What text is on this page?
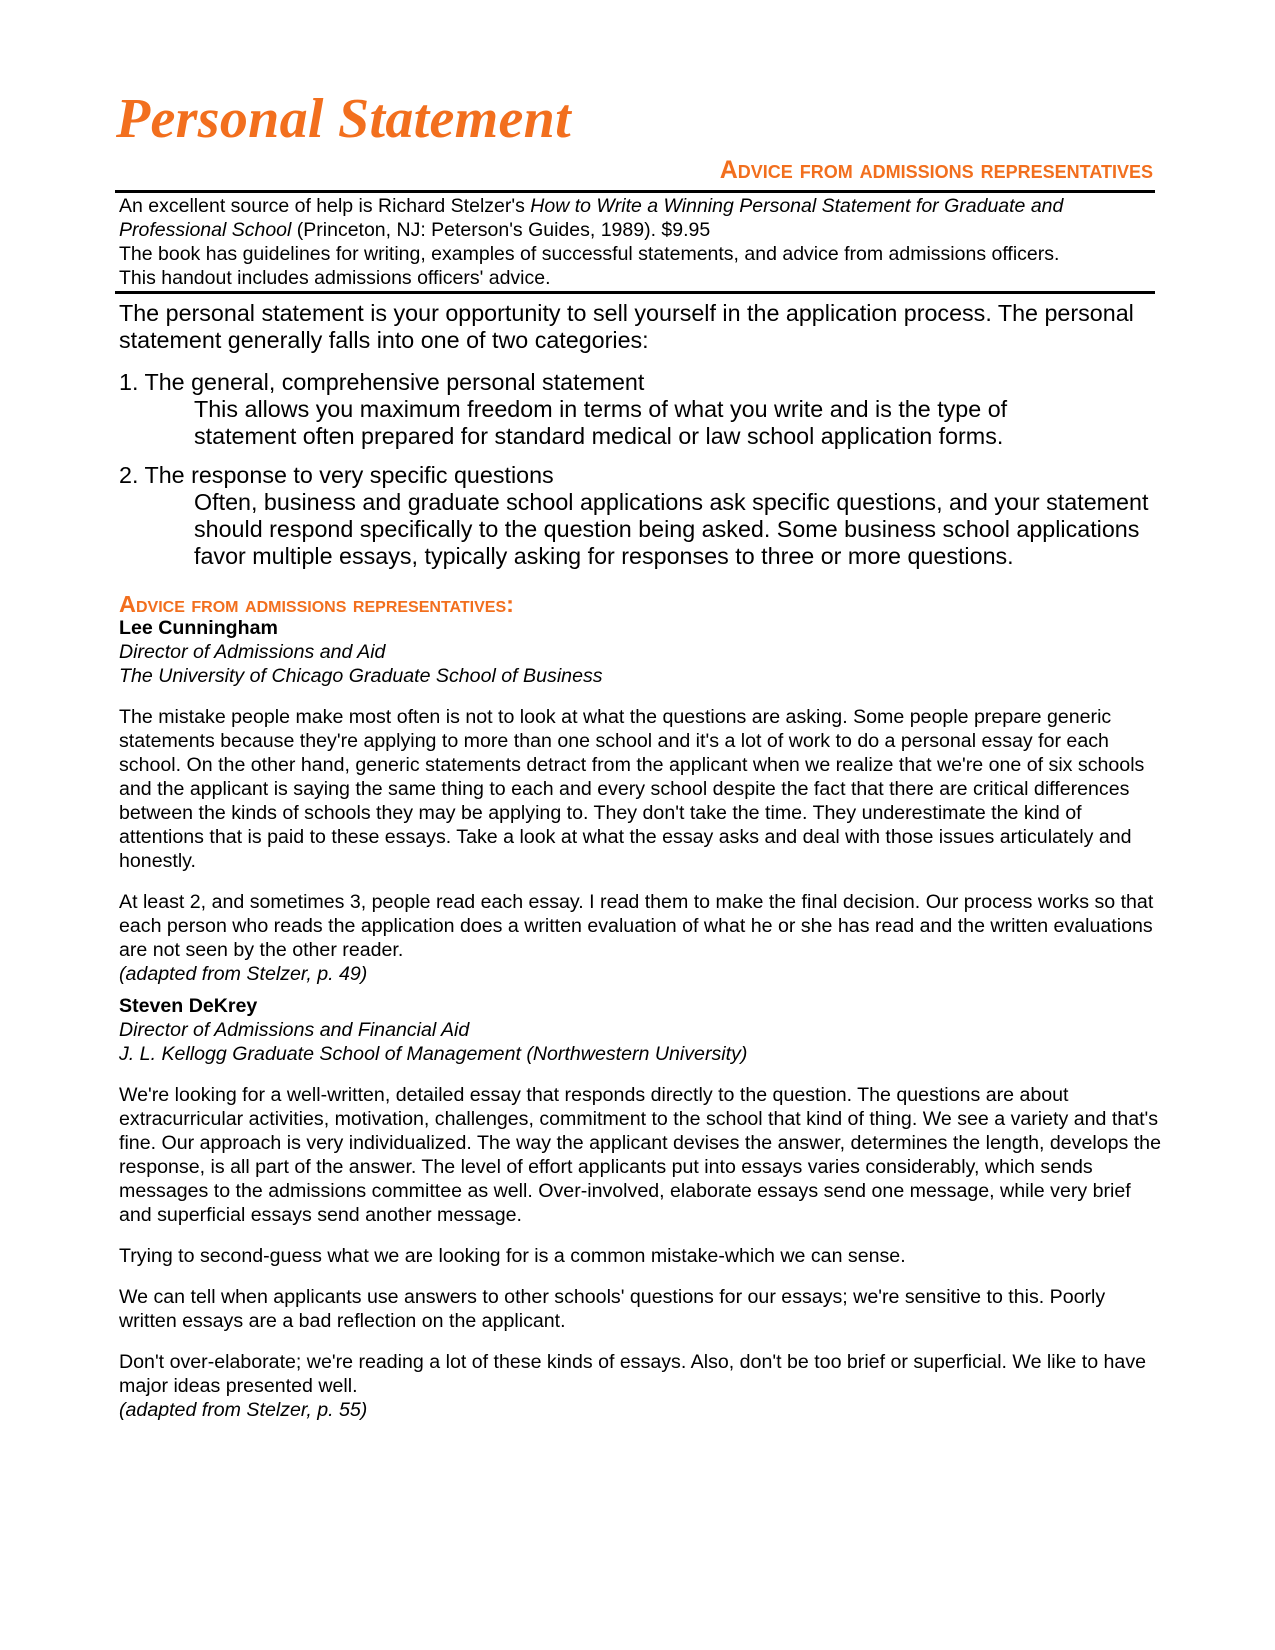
Personal Statement
Advice from admissions representatives

An excellent source of help is Richard Stelzer's How to Write a Winning Personal Statement for Graduate and

Professional School (Princeton, NJ: Peterson's Guides, 1989). $9.95

The book has guidelines for writing, examples of successful statements, and advice from admissions officers.

This handout includes admissions officers' advice.

The personal statement is your opportunity to sell yourself in the application process. The personal statement generally falls into one of two categories:

1. The general, comprehensive personal statement

This allows you maximum freedom in terms of what you write and is the type of statement often prepared for standard medical or law school application forms.

2. The response to very specific questions

Often, business and graduate school applications ask specific questions, and your statement should respond specifically to the question being asked. Some business school applications favor multiple essays, typically asking for responses to three or more questions.

Advice from admissions representatives:

Lee Cunningham

Director of Admissions and Aid

The University of Chicago Graduate School of Business

The mistake people make most often is not to look at what the questions are asking. Some people prepare generic statements because they're applying to more than one school and it's a lot of work to do a personal essay for each school. On the other hand, generic statements detract from the applicant when we realize that we're one of six schools and the applicant is saying the same thing to each and every school despite the fact that there are critical differences between the kinds of schools they may be applying to. They don't take the time. They underestimate the kind of attentions that is paid to these essays. Take a look at what the essay asks and deal with those issues articulately and honestly.

At least 2, and sometimes 3, people read each essay. I read them to make the final decision. Our process works so that each person who reads the application does a written evaluation of what he or she has read and the written evaluations are not seen by the other reader.

(adapted from Stelzer, p. 49)

Steven DeKrey

Director of Admissions and Financial Aid

J. L. Kellogg Graduate School of Management (Northwestern University)

We're looking for a well-written, detailed essay that responds directly to the question. The questions are about extracurricular activities, motivation, challenges, commitment to the school that kind of thing. We see a variety and that's fine. Our approach is very individualized. The way the applicant devises the answer, determines the length, develops the response, is all part of the answer. The level of effort applicants put into essays varies considerably, which sends messages to the admissions committee as well. Over-involved, elaborate essays send one message, while very brief and superficial essays send another message.

Trying to second-guess what we are looking for is a common mistake-which we can sense.

We can tell when applicants use answers to other schools' questions for our essays; we're sensitive to this. Poorly written essays are a bad reflection on the applicant.

Don't over-elaborate; we're reading a lot of these kinds of essays. Also, don't be too brief or superficial. We like to have major ideas presented well.

(adapted from Stelzer, p. 55)
